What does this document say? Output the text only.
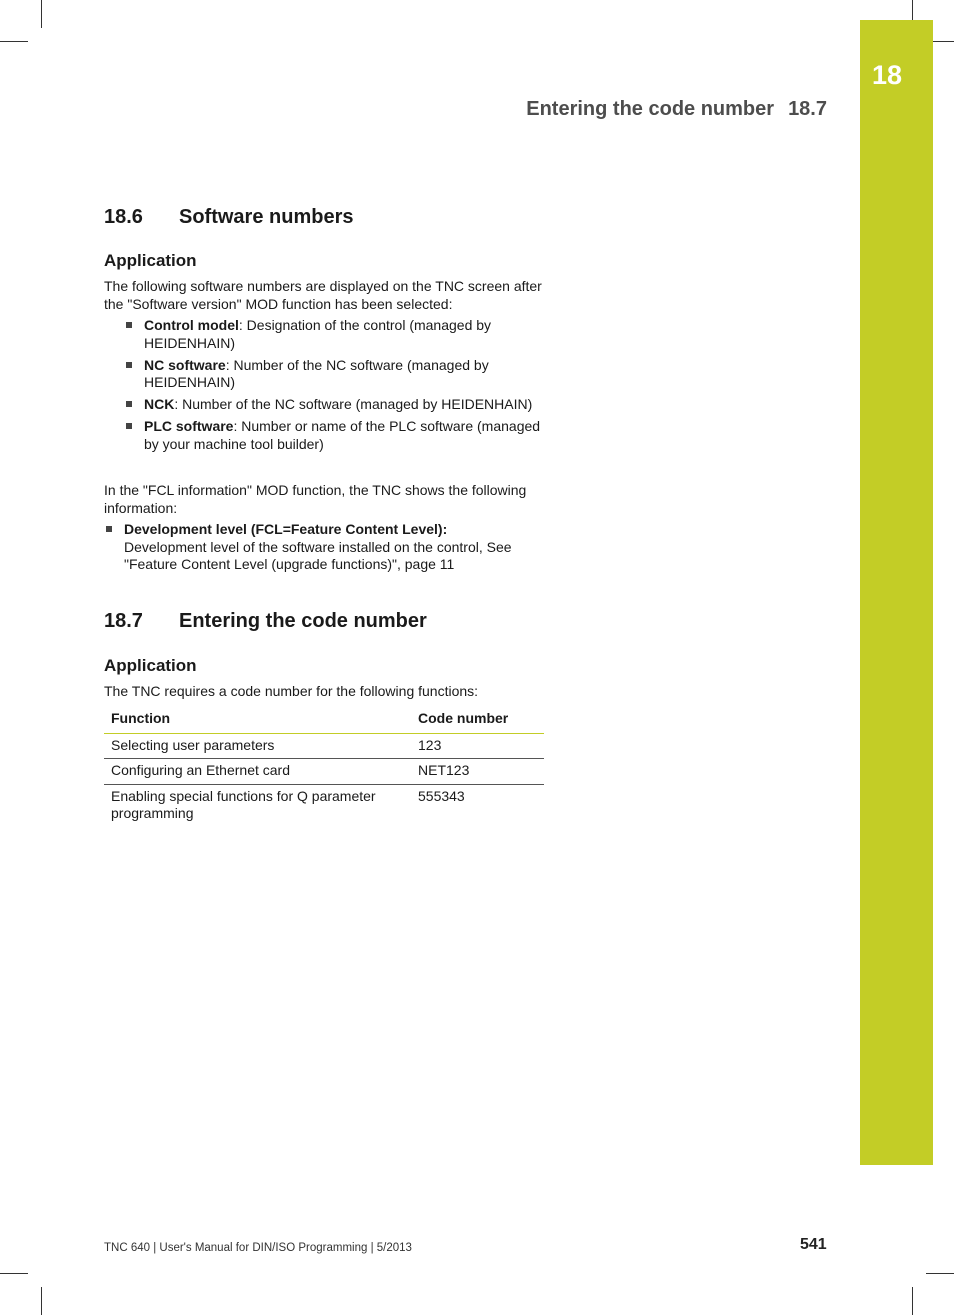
18
Entering the code number 18.7
18.6 Software numbers
Application

The following software numbers are displayed on the TNC screen after the "Software version" MOD function has been selected:

Control model: Designation of the control (managed by HEIDENHAIN)
NC software: Number of the NC software (managed by HEIDENHAIN)
NCK: Number of the NC software (managed by HEIDENHAIN)
PLC software: Number or name of the PLC software (managed by your machine tool builder)

In the "FCL information" MOD function, the TNC shows the following information:

Development level (FCL=Feature Content Level):
Development level of the software installed on the control, See "Feature Content Level (upgrade functions)", page 11
18.7 Entering the code number
Application

The TNC requires a code number for the following functions:

Function	Code number
Selecting user parameters	123
Configuring an Ethernet card	NET123
Enabling special functions for Q parameter programming	555343
TNC 640 | User's Manual for DIN/ISO Programming | 5/2013	541
